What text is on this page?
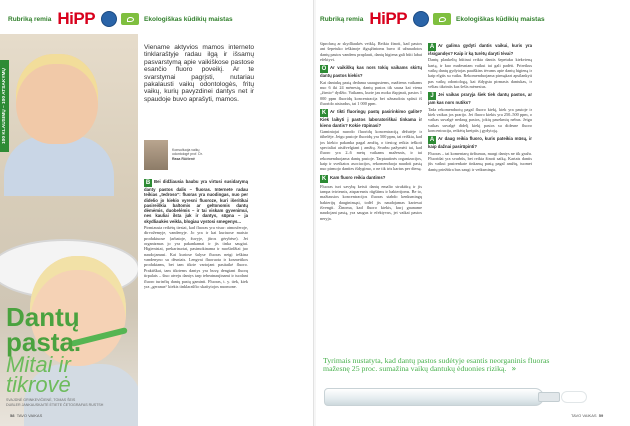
Rubriką remia HiPP	Ekologiškas kūdikių maistas
100 KLAUSIMŲ – 100 ATSAKYMŲ
Dantų
pasta.
Mitai ir
tikrovė
SVAJŪNĖ GRINKEVIČIENĖ, TOMAS ŠEIS
DUBLER JANKAUSKAITĖ ĖTIETE ČETOGRAFAS RUSTSH
Viename aktyvios mamos interneto tinklaraštyje radau ilgą ir išsamų pasvarstymą apie vaikiškose pastose esančio fluoro poveikį. Ar te svarstymai pagrįsti, nutariau pakalausti vaikų odontologės, fritų vaikų, kurių pavyzdinei dantys net ir spaudoje buvo aprašyti, mamos.
Konsultuoja vaikų
odontologė prof. Dr.
Rasa Rūčienė
B Bei didžiausia baubu yra virtusi susidarymą danty pastos dalis – fluoras. Internete radau teikias „tedroso“: fluoras yra nuodingas, nuo per didelio jo kiekio vyresni fluoroze, kuri išeritikai pasireiškia baltomis ar geltonomis dantų dėmėmis, duobelėmis – ir tai viskam gyvenimui, nes kauliai ilsta juk ir dantys, sūpna – ja skydliaukės veikla, blogiau vystosi smegenys...
Pirmiausia reikėtų tiesiai, kad fluoras yra visur: atmosferoje, dirvožemyje, vandenyje. Jo yra ir kai kuriuose maisto produktuose (arbatoje, žuvyje, jūros gėrybėse). Jei organizmas jo yra pakankamai ir jis tinka saugiai. Higienistai, prekarisurtai, pasimokinama ir nuoširdžiai juo naudojamasi. Kai kuriose šalyse fluoras netgi ieškina vandenyno su dėsniais. Lengvai fluoruota ir kosmetikos produktams, bet tam tikrie vartojant pasitaikė fluoro. Praktiškai, tam tikriems dantys yra buvę dengiant fluorų tirpalais – šiuo atveju dantys tarp tebeatnaujinami ir tuodant fluoro turinčių dantų pastų gaminti. Fluoras, t. y. tiek, kiek yra „geranas“ kiekis tinklaraščio skaitytojos nuomone.
58 TAVO VAIKAS
Rubriką remia HiPP	Ekologiškas kūdikių maistas
šiprofasų ar skydliaukės veiklą. Reikia žinoti, kad pastos ant šepetuko ieškinoje išgrąžintoms buvo iš užnaudotos dantų pastos vandens praplauti, dantų higiena gali būti labai efektyvi.
O Ar vaikiškų kas nors tokių vaikams skirtų dantų pastos kiekis?
Kai dantukų pastą dedama suaugusiems, mažiems vaikams nuo 6 iki 24 mėnesių, dantų pastos tik sausa kai viena „žirnio“ dydžio. Vaikams, kurie jau moka išspjauti, pastos 1 000 ppm fluoridų koncentracija bei užnaudota spūsti iš fluorido atsiradus, tai 1 000 ppm.
K Ar tikti fluoringų pastų pasirinkimo galite? Kiek laikyti į pastos laboratoriškai tinkama ir kieno dantis? Kokie rūpinasi?
Gamintojai nurodo fluoridų koncentraciją dėžutėje ir tūbelėje. Jeigu pastoje fluoridų yra 500 ppm, tai reiškia, kad jos kiekio pakanka pagal amžių, o tiesiog reikia ieškoti specialiai atsižvelgiant į amžių. Svarbu pažymėti tai, kad fluoro yra 2–6 metų vaikams mažesnis, ir tai rekomenduojama dantų pastoje. Tarptautinės organizacijos, kaip ir sveikatos asociacijos, rekomenduoja naudoti pastą nuo pirmojo danties išdygimo, o ne tik tris kartus per dieną.
K Kam fluoro reikia dantims?
Fluoras turi savybę keisti dantų emalio struktūrą ir jis tampa tvirtesnis, atsparesnis rūgštims ir bakterijoms. Be to, mažiausios koncentracijos fluoras stabdo kenksmingų bakterijų dauginimąsi, todėl jis naudojamas kariesui išvengti. Žinoma, kad fluoro kiekis, kurį gauname naudojant pastą, yra saugus ir efektyvus, jei vaikai pastos neryja.
A Ar galima gydyti dantis vaikui, kuris yra išsigandęs? Kaip ir ką turėtų daryti tėvai?
Dantų plaukelių būtinai reikia dantis šepetuku kiekvieną kartą, ir kuo mažesniam vaikui tai gali padėti. Prireikus vaikų dantų gydytojas paaiškins tėvams apie dantų higieną ir kaip elgtis su vaiku. Rekomenduojama pirmąkart apsilankyti pas vaikų odontologą, kai išdygsta pirmasis dantukas, ir vėliau tikrintis kas šešis mėnesius.
J Jei vaikas praryja šiek tiek dantų pastos, ar jam kas nors nutiks?
Tada rekomenduotų pagal fluoro kiekį, kiek yra pastoje ir kiek vaikas jos prarijo. Jei fluoro kiekis yra 250–500 ppm, o vaikas suvalgė nedaug pastos, jokių pasekmių nebus. Jeigu vaikas suvalgė didelį kiekį pastos su didesne fluoro koncentracija, reikėtų kreiptis į gydytoją.
A Ar daug reikia fluoro, kuris pateikia mūsų, ir kaip dažnai pasirūpinti?
Fluoras – tai komentarų tirštumas, margi dantys ne tik gražu. Fluoridai yra svarbūs, bet reikia žinoti saiką. Kartais dantis jūs vaikui pasirenkate tinkamą pastą pagal amžių, tuomet dantų priežiūra bus saugi ir veiksminga.
Tyrimais nustatyta, kad dantų pastos sudėtyje esantis neorganinis fluoras mažesnę 25 proc. sumažina vaikų dantukų ėduonies riziką. »
TAVO VAIKAS 59
